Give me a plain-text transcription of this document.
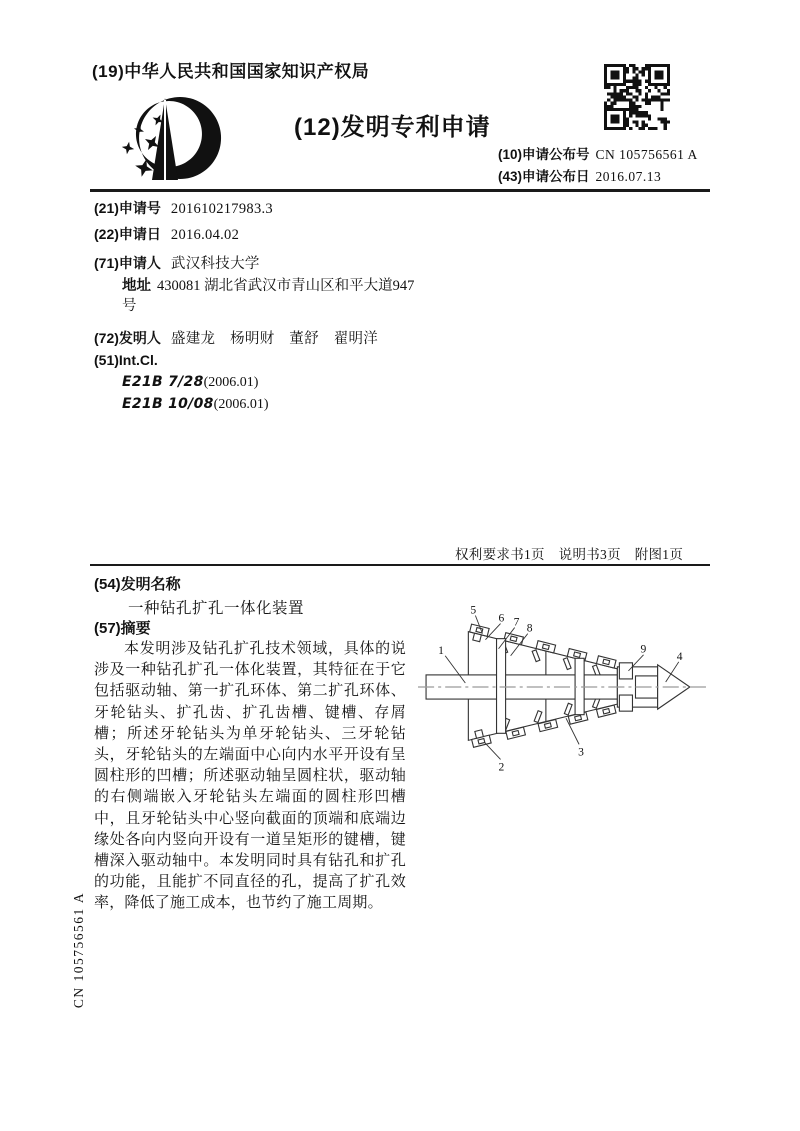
(19)中华人民共和国国家知识产权局
(12)发明专利申请
(10)申请公布号 CN 105756561 A
(43)申请公布日 2016.07.13
(21)申请号 201610217983.3
(22)申请日 2016.04.02
(71)申请人 武汉科技大学
地址 430081 湖北省武汉市青山区和平大道947号
(72)发明人 盛建龙　杨明财　董舒　翟明洋
(51)Int.Cl.
E21B 7/28(2006.01)
E21B 10/08(2006.01)
权利要求书1页　说明书3页　附图1页
(54)发明名称
一种钻孔扩孔一体化装置
(57)摘要
本发明涉及钻孔扩孔技术领域，具体的说涉及一种钻孔扩孔一体化装置，其特征在于它包括驱动轴、第一扩孔环体、第二扩孔环体、牙轮钻头、扩孔齿、扩孔齿槽、键槽、存屑槽；所述牙轮钻头为单牙轮钻头、三牙轮钻头，牙轮钻头的左端面中心向内水平开设有呈圆柱形的凹槽；所述驱动轴呈圆柱状，驱动轴的右侧端嵌入牙轮钻头左端面的圆柱形凹槽中，且牙轮钻头中心竖向截面的顶端和底端边缘处各向内竖向开设有一道呈矩形的键槽，键槽深入驱动轴中。本发明同时具有钻孔和扩孔的功能，且能扩不同直径的孔，提高了扩孔效率，降低了施工成本，也节约了施工周期。
1
2
3
4
5
6 7 8
9
CN 105756561 A
